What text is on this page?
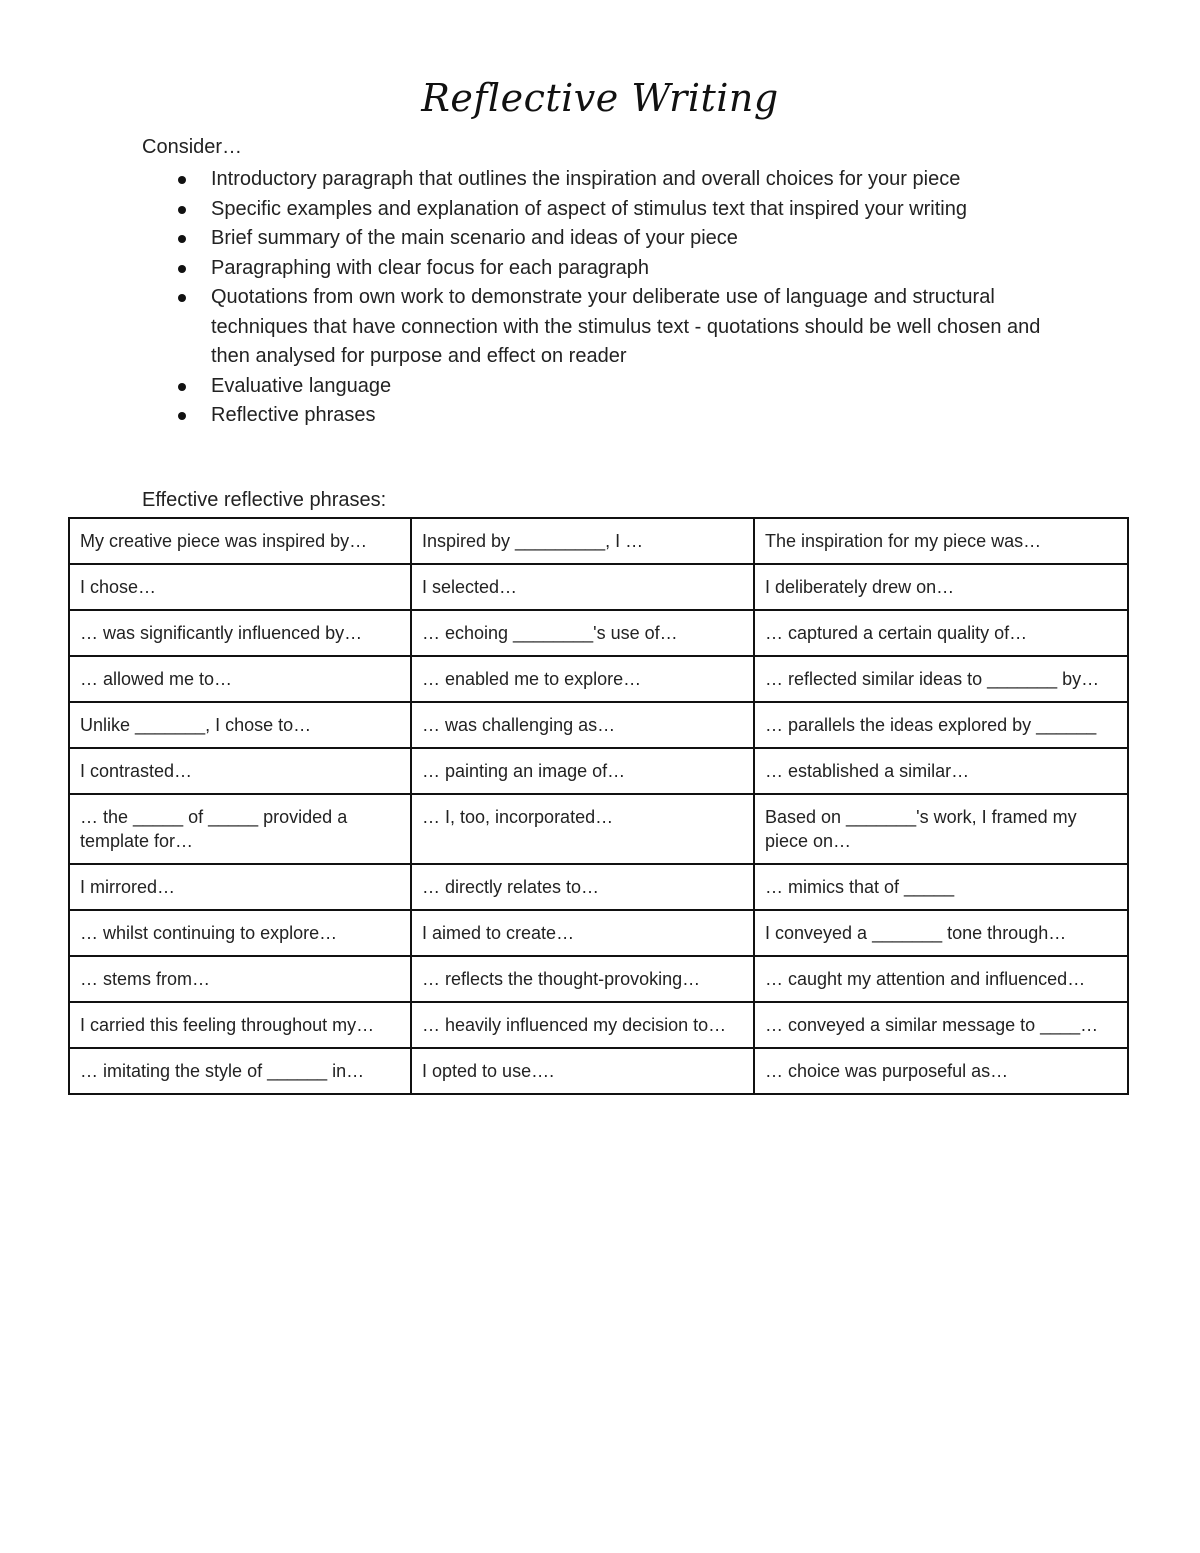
Reflective Writing
Consider…
Introductory paragraph that outlines the inspiration and overall choices for your piece
Specific examples and explanation of aspect of stimulus text that inspired your writing
Brief summary of the main scenario and ideas of your piece
Paragraphing with clear focus for each paragraph
Quotations from own work to demonstrate your deliberate use of language and structural techniques that have connection with the stimulus text - quotations should be well chosen and then analysed for purpose and effect on reader
Evaluative language
Reflective phrases
Effective reflective phrases:
My creative piece was inspired by…	Inspired by _________, I …	The inspiration for my piece was…
I chose…	I selected…	I deliberately drew on…
… was significantly influenced by…	… echoing ________'s use of…	… captured a certain quality of…
… allowed me to…	… enabled me to explore…	… reflected similar ideas to _______ by…
Unlike _______, I chose to…	… was challenging as…	… parallels the ideas explored by ______
I contrasted…	… painting an image of…	… established a similar…
… the _____ of _____ provided a template for…	… I, too, incorporated…	Based on _______'s work, I framed my piece on…
I mirrored…	… directly relates to…	… mimics that of _____
… whilst continuing to explore…	I aimed to create…	I conveyed a _______ tone through…
… stems from…	… reflects the thought-provoking…	… caught my attention and influenced…
I carried this feeling throughout my…	… heavily influenced my decision to…	… conveyed a similar message to ____…
… imitating the style of ______ in…	I opted to use….	… choice was purposeful as…
